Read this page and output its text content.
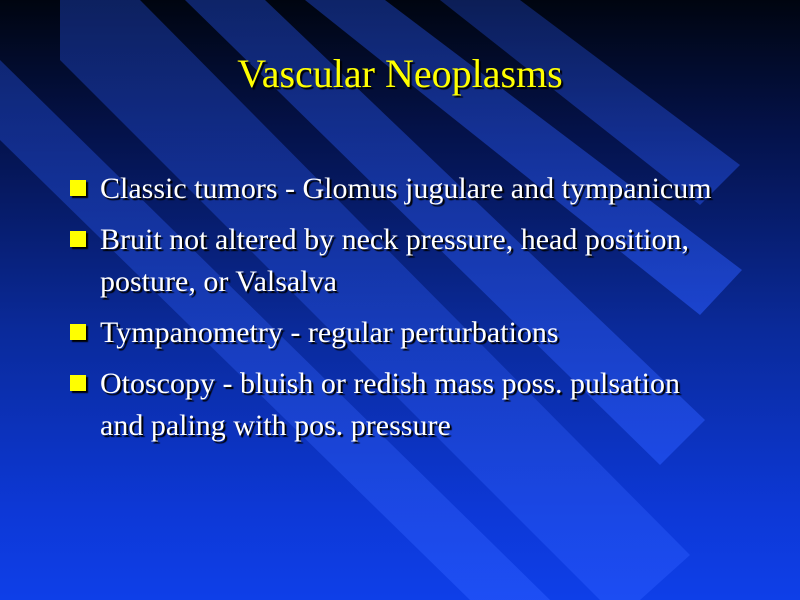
Vascular Neoplasms
Classic tumors - Glomus jugulare and tympanicum
Bruit not altered by neck pressure, head position, posture, or Valsalva
Tympanometry - regular perturbations
Otoscopy - bluish or redish mass poss. pulsation and paling with pos. pressure
